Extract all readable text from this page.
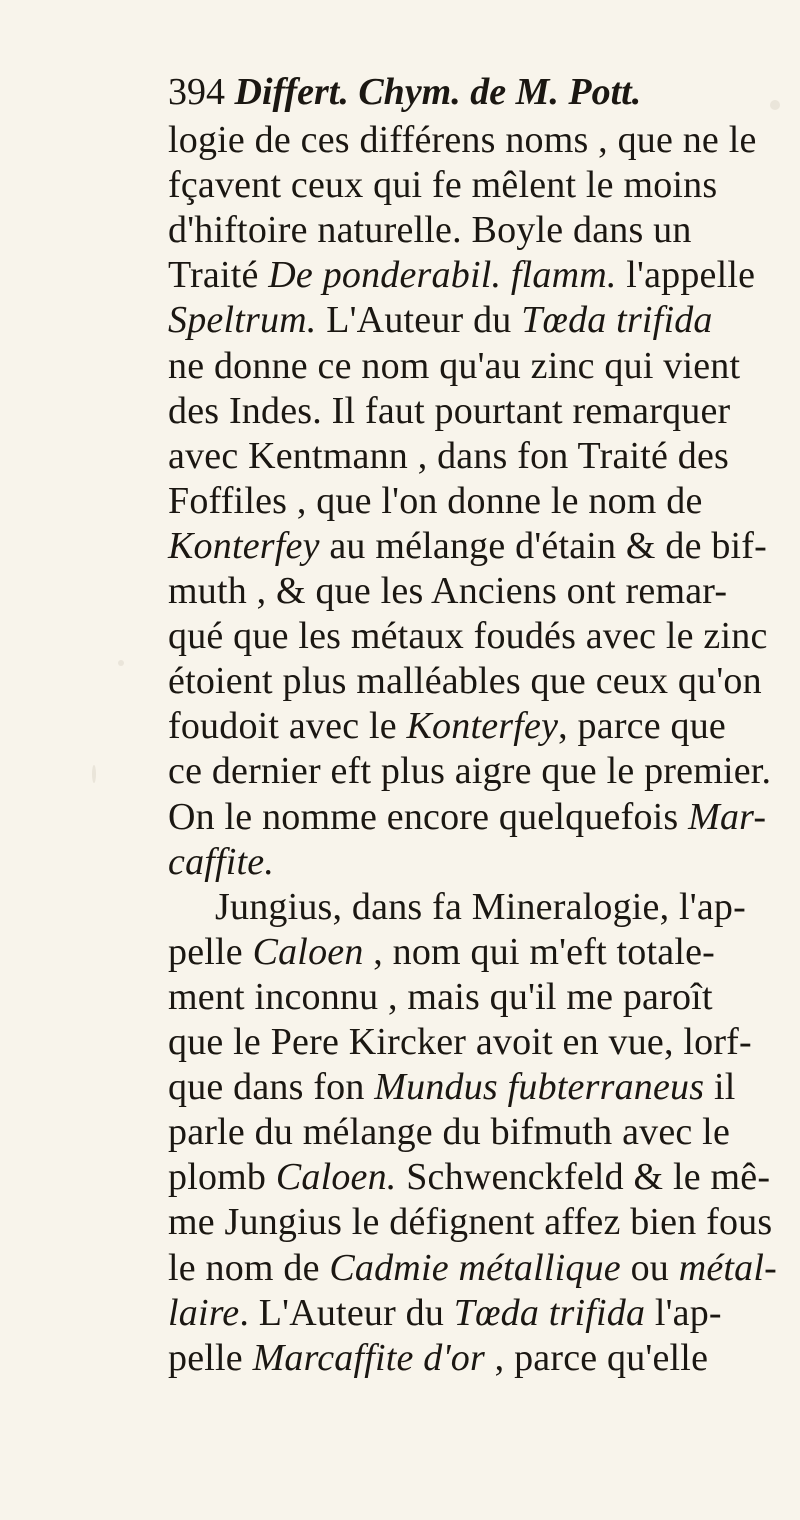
394 Differt. Chym. de M. Pott.
logie de ces différens noms , que ne le
fçavent ceux qui fe mêlent le moins
d'hiftoire naturelle. Boyle dans un
Traité De ponderabil. flamm. l'appelle
Speltrum. L'Auteur du Tœda trifida
ne donne ce nom qu'au zinc qui vient
des Indes. Il faut pourtant remarquer
avec Kentmann , dans fon Traité des
Foffiles , que l'on donne le nom de
Konterfey au mélange d'étain & de bif-
muth , & que les Anciens ont remar-
qué que les métaux foudés avec le zinc
étoient plus malléables que ceux qu'on
foudoit avec le Konterfey, parce que
ce dernier eft plus aigre que le premier.
On le nomme encore quelquefois Mar-
caffite.
Jungius, dans fa Mineralogie, l'ap-
pelle Caloen , nom qui m'eft totale-
ment inconnu , mais qu'il me paroît
que le Pere Kircker avoit en vue, lorf-
que dans fon Mundus fubterraneus il
parle du mélange du bifmuth avec le
plomb Caloen. Schwenckfeld & le mê-
me Jungius le défignent affez bien fous
le nom de Cadmie métallique ou métal-
laire. L'Auteur du Tœda trifida l'ap-
pelle Marcaffite d'or , parce qu'elle
